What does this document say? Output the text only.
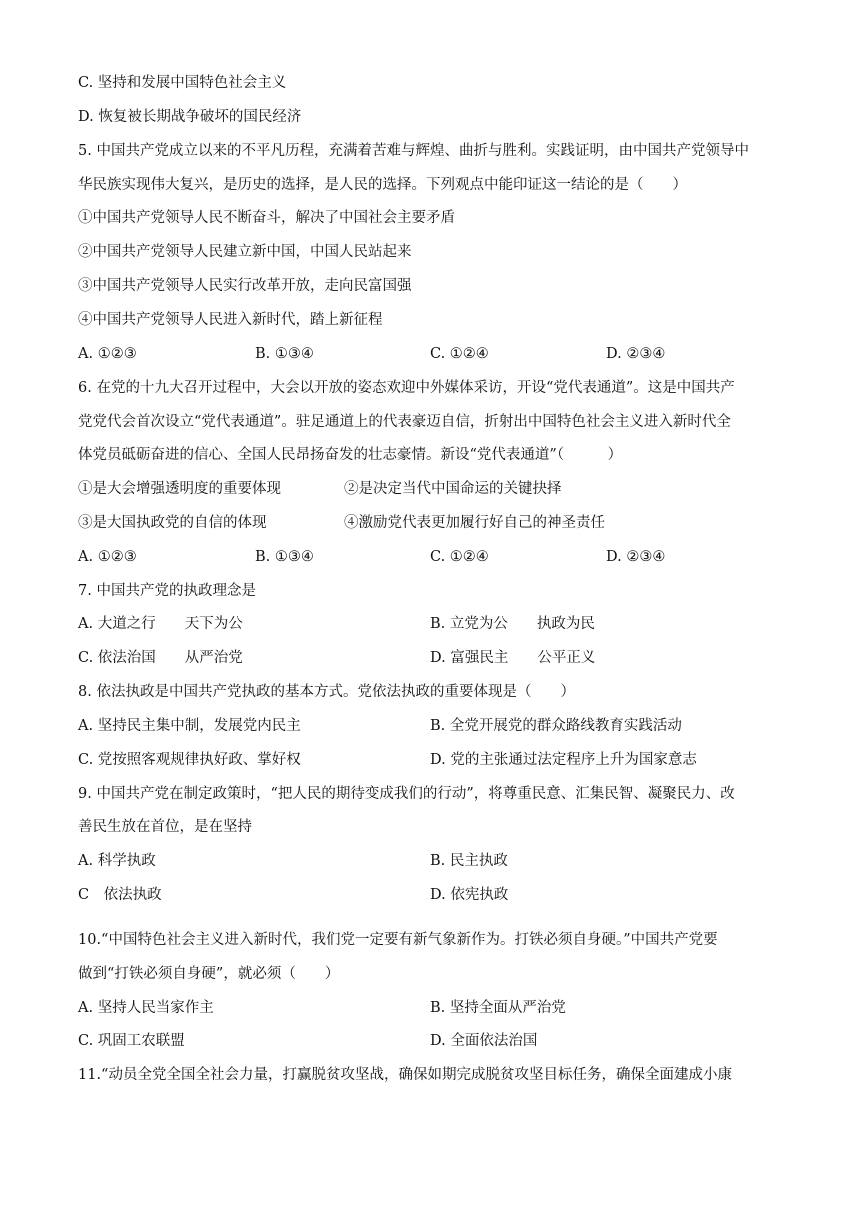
C. 坚持和发展中国特色社会主义
D. 恢复被长期战争破坏的国民经济
5. 中国共产党成立以来的不平凡历程，充满着苦难与辉煌、曲折与胜利。实践证明，由中国共产党领导中
华民族实现伟大复兴，是历史的选择，是人民的选择。下列观点中能印证这一结论的是（　　）
①中国共产党领导人民不断奋斗，解决了中国社会主要矛盾
②中国共产党领导人民建立新中国，中国人民站起来
③中国共产党领导人民实行改革开放，走向民富国强
④中国共产党领导人民进入新时代，踏上新征程
A. ①②③	B. ①③④	C. ①②④	D. ②③④
6. 在党的十九大召开过程中，大会以开放的姿态欢迎中外媒体采访，开设“党代表通道”。这是中国共产
党党代会首次设立“党代表通道”。驻足通道上的代表豪迈自信，折射出中国特色社会主义进入新时代全
体党员砥砺奋进的信心、全国人民昂扬奋发的壮志豪情。新设“党代表通道”（　　　）
①是大会增强透明度的重要体现	②是决定当代中国命运的关键抉择
③是大国执政党的自信的体现	④激励党代表更加履行好自己的神圣责任
A. ①②③	B. ①③④	C. ①②④	D. ②③④
7. 中国共产党的执政理念是
A. 大道之行　　天下为公	B. 立党为公　　执政为民
C. 依法治国　　从严治党	D. 富强民主　　公平正义
8. 依法执政是中国共产党执政的基本方式。党依法执政的重要体现是（　　）
A. 坚持民主集中制，发展党内民主	B. 全党开展党的群众路线教育实践活动
C. 党按照客观规律执好政、掌好权	D. 党的主张通过法定程序上升为国家意志
9. 中国共产党在制定政策时，“把人民的期待变成我们的行动”，将尊重民意、汇集民智、凝聚民力、改
善民生放在首位，是在坚持
A. 科学执政	B. 民主执政
C　依法执政	D. 依宪执政
10.“中国特色社会主义进入新时代，我们党一定要有新气象新作为。打铁必须自身硬。”中国共产党要
做到“打铁必须自身硬”，就必须（　　）
A. 坚持人民当家作主	B. 坚持全面从严治党
C. 巩固工农联盟	D. 全面依法治国
11.“动员全党全国全社会力量，打赢脱贫攻坚战，确保如期完成脱贫攻坚目标任务，确保全面建成小康
